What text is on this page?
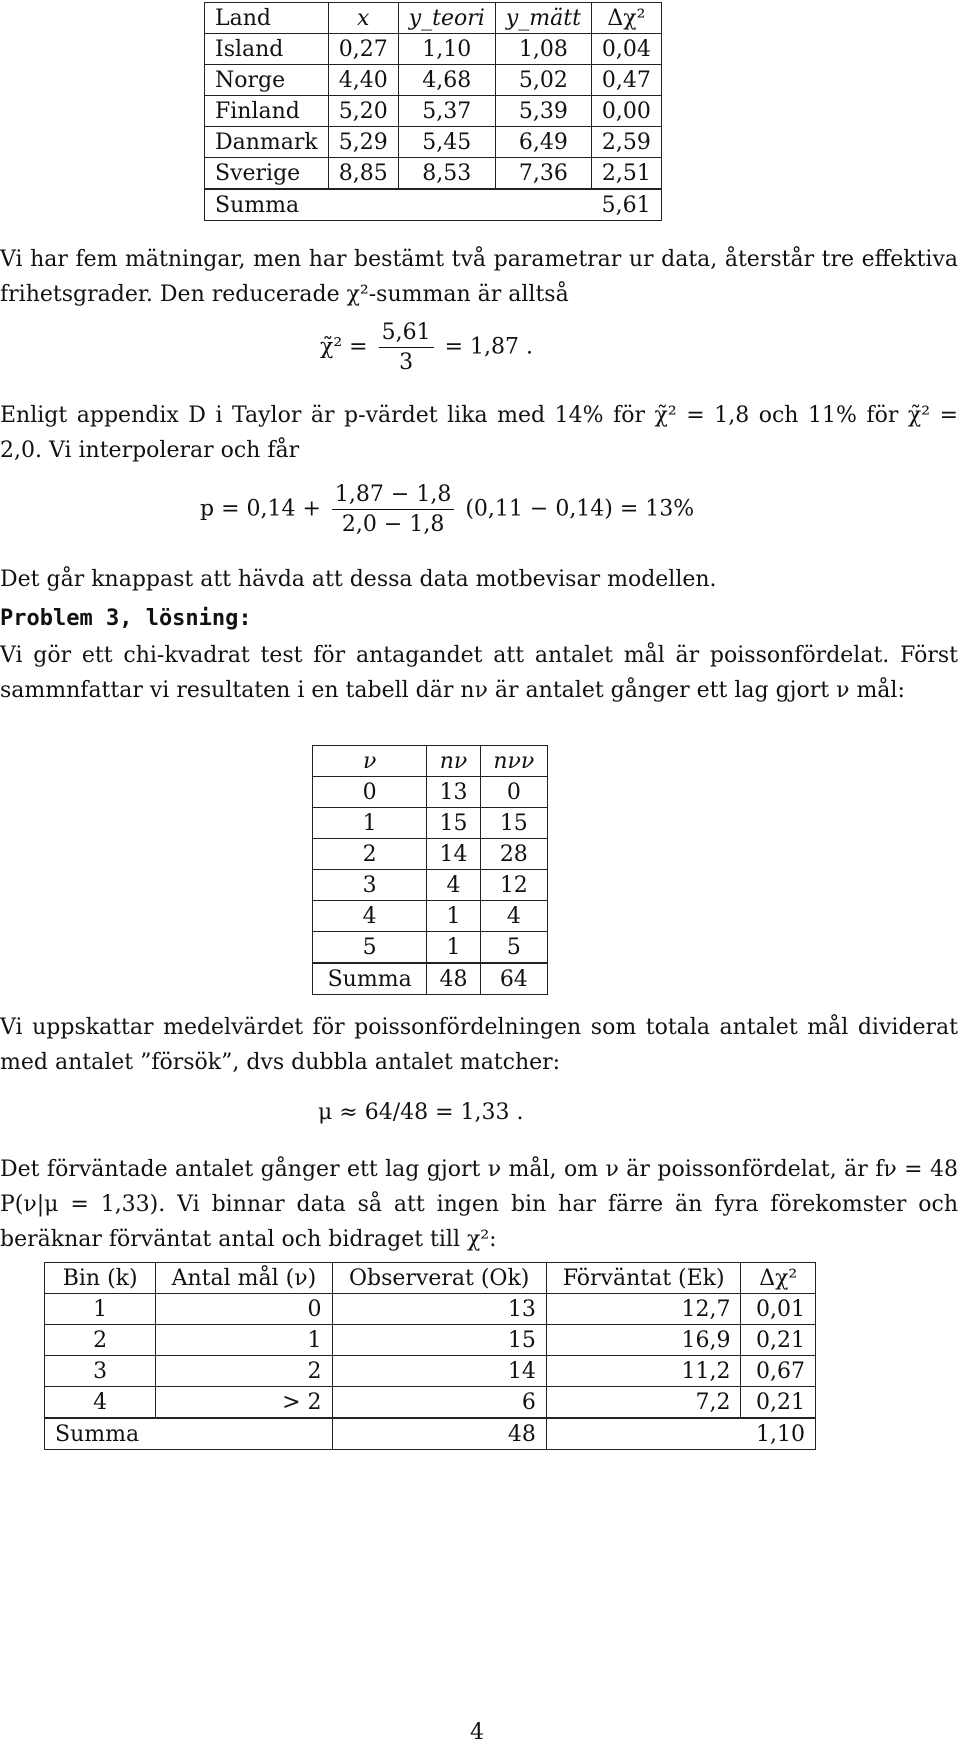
Land	x	y_teori	y_mätt	Δχ²
Island	0,27	1,10	1,08	0,04
Norge	4,40	4,68	5,02	0,47
Finland	5,20	5,37	5,39	0,00
Danmark	5,29	5,45	6,49	2,59
Sverige	8,85	8,53	7,36	2,51
Summa				5,61

Vi har fem mätningar, men har bestämt två parametrar ur data, återstår tre effektiva frihetsgrader. Den reducerade χ²-summan är alltså

χ̃² = $\frac{5,61}{3} = 1,87$ .

Enligt appendix D i Taylor är p-värdet lika med 14% för χ̃² = 1,8 och 11% för χ̃² = 2,0. Vi interpolerar och får

$p = 0,14 + \frac{1,87 - 1,8}{2,0 - 1,8} (0,11 - 0,14) = 13\%$

Det går knappast att hävda att dessa data motbevisar modellen.

Problem 3, lösning:

Vi gör ett chi-kvadrat test för antagandet att antalet mål är poissonfördelat. Först sammnfattar vi resultaten i en tabell där nν är antalet gånger ett lag gjort ν mål:

ν	nν	nνν
0	13	0
1	15	15
2	14	28
3	4	12
4	1	4
5	1	5
Summa	48	64

Vi uppskattar medelvärdet för poissonfördelningen som totala antalet mål dividerat med antalet ”försök”, dvs dubbla antalet matcher:

μ ≈ 64/48 = 1,33 .

Det förväntade antalet gånger ett lag gjort ν mål, om ν är poissonfördelat, är fν = 48 P(ν|μ = 1,33). Vi binnar data så att ingen bin har färre än fyra förekomster och beräknar förväntat antal och bidraget till χ²:

Bin (k)	Antal mål (ν)	Observerat (Ok)	Förväntat (Ek)	Δχ²
1	0	13	12,7	0,01
2	1	15	16,9	0,21
3	2	14	11,2	0,67
4	> 2	6	7,2	0,21
Summa		48		1,10
4
